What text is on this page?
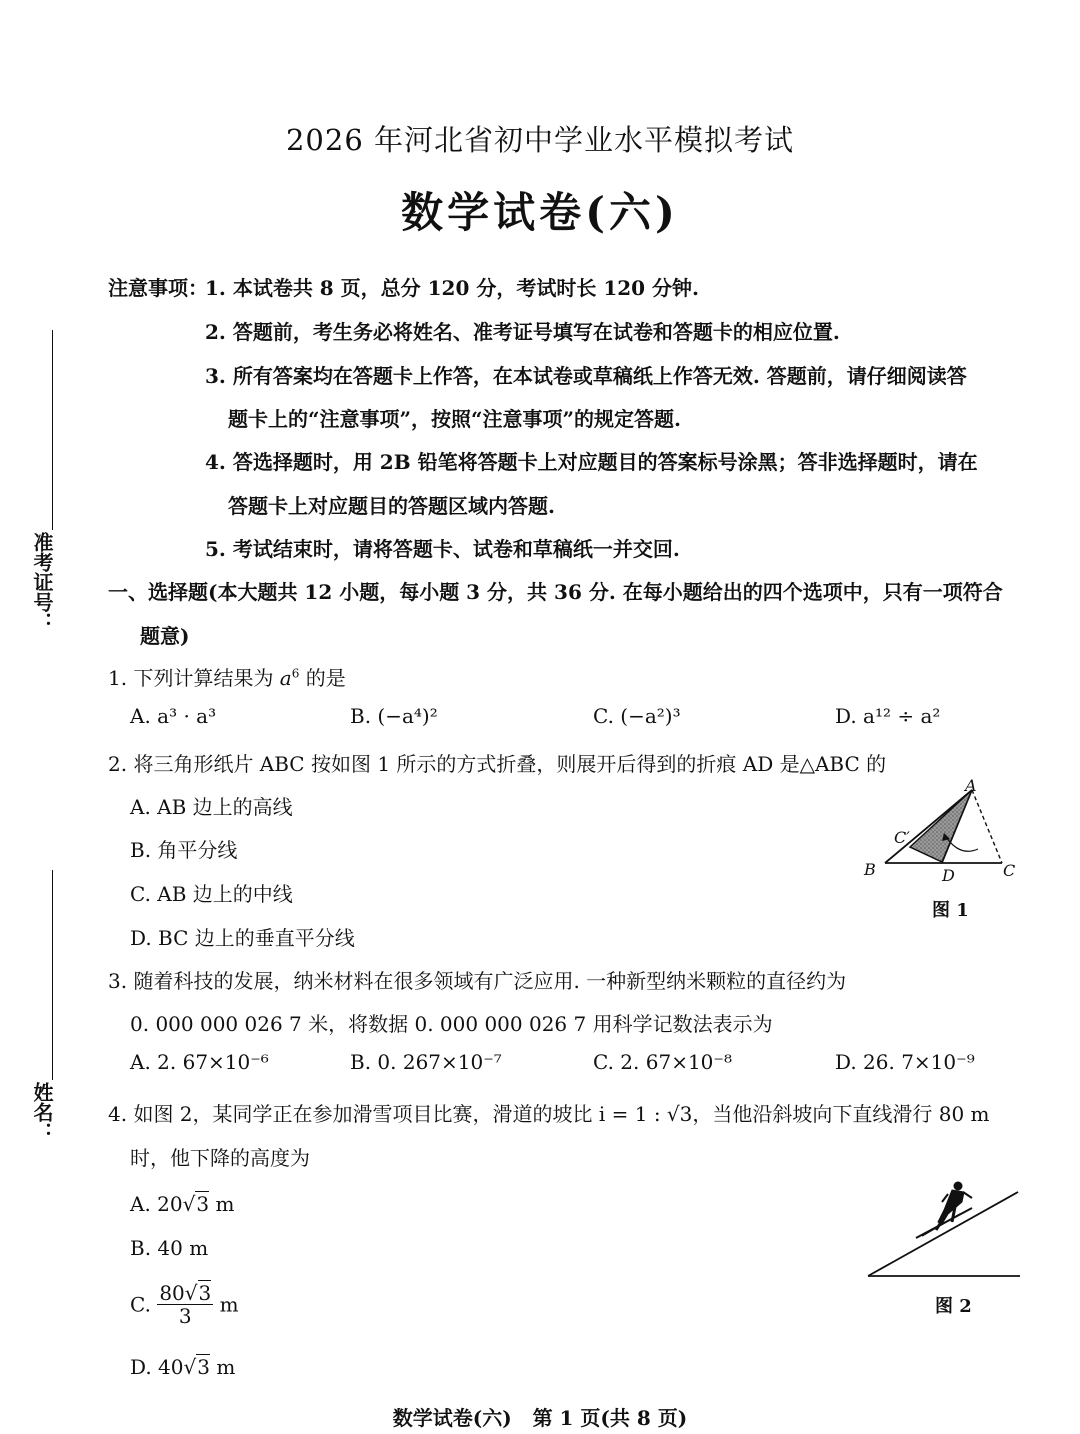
准考证号：
姓名：
2026 年河北省初中学业水平模拟考试
数学试卷(六)
注意事项：
1. 本试卷共 8 页，总分 120 分，考试时长 120 分钟.
2. 答题前，考生务必将姓名、准考证号填写在试卷和答题卡的相应位置.
3. 所有答案均在答题卡上作答，在本试卷或草稿纸上作答无效. 答题前，请仔细阅读答
题卡上的“注意事项”，按照“注意事项”的规定答题.
4. 答选择题时，用 2B 铅笔将答题卡上对应题目的答案标号涂黑；答非选择题时，请在
答题卡上对应题目的答题区域内答题.
5. 考试结束时，请将答题卡、试卷和草稿纸一并交回.
一、选择题(本大题共 12 小题，每小题 3 分，共 36 分. 在每小题给出的四个选项中，只有一项符合
题意)
1. 下列计算结果为 $a^6$ 的是
A. a³ · a³	B. (−a⁴)²	C. (−a²)³	D. a¹² ÷ a²
2. 将三角形纸片 ABC 按如图 1 所示的方式折叠，则展开后得到的折痕 AD 是△ABC 的
A. AB 边上的高线
B. 角平分线
C. AB 边上的中线
D. BC 边上的垂直平分线
A
C′
B	D	C
图 1
3. 随着科技的发展，纳米材料在很多领域有广泛应用. 一种新型纳米颗粒的直径约为
0. 000 000 026 7 米，将数据 0. 000 000 026 7 用科学记数法表示为
A. 2. 67×10⁻⁶	B. 0. 267×10⁻⁷	C. 2. 67×10⁻⁸	D. 26. 7×10⁻⁹
4. 如图 2，某同学正在参加滑雪项目比赛，滑道的坡比 i = 1 : √3，当他沿斜坡向下直线滑行 80 m
时，他下降的高度为
A. 20√3 m
B. 40 m
C. $\frac{80√3}{3}$ m
D. 40√3 m
图 2
数学试卷(六)   第 1 页(共 8 页)
